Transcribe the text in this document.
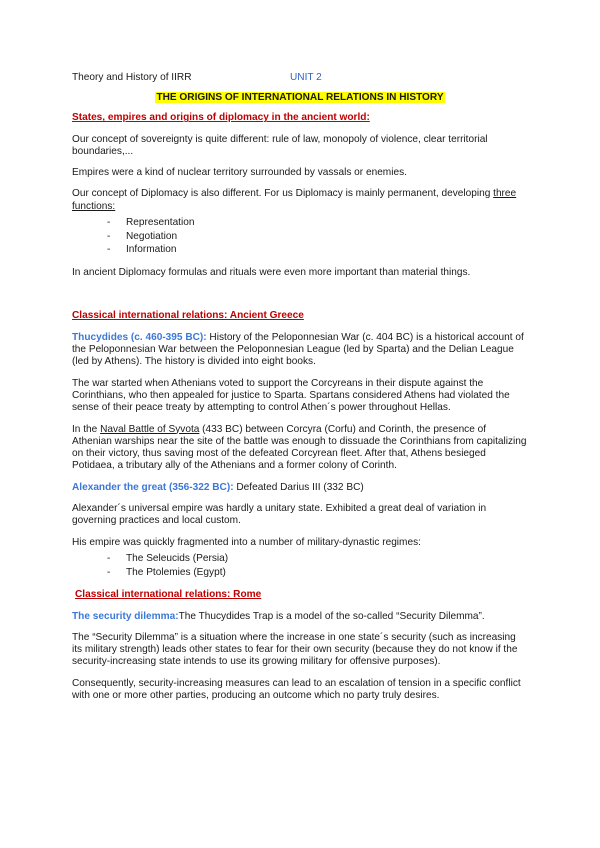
Theory and History of IIRR	UNIT 2
THE ORIGINS OF INTERNATIONAL RELATIONS IN HISTORY
States, empires and origins of diplomacy in the ancient world:

Our concept of sovereignty is quite different: rule of law, monopoly of violence, clear territorial boundaries,...

Empires were a kind of nuclear territory surrounded by vassals or enemies.

Our concept of Diplomacy is also different. For us Diplomacy is mainly permanent, developing three functions:

- Representation
- Negotiation
- Information

In ancient Diplomacy formulas and rituals were even more important than material things.

Classical international relations: Ancient Greece

Thucydides (c. 460-395 BC): History of the Peloponnesian War (c. 404 BC) is a historical account of the Peloponnesian War between the Peloponnesian League (led by Sparta) and the Delian League (led by Athens). The history is divided into eight books.

The war started when Athenians voted to support the Corcyreans in their dispute against the Corinthians, who then appealed for justice to Sparta. Spartans considered Athens had violated the sense of their peace treaty by attempting to control Athen´s power throughout Hellas.

In the Naval Battle of Syvota (433 BC) between Corcyra (Corfu) and Corinth, the presence of Athenian warships near the site of the battle was enough to dissuade the Corinthians from capitalizing on their victory, thus saving most of the defeated Corcyrean fleet. After that, Athens besieged Potidaea, a tributary ally of the Athenians and a former colony of Corinth.

Alexander the great (356-322 BC): Defeated Darius III (332 BC)

Alexander´s universal empire was hardly a unitary state. Exhibited a great deal of variation in governing practices and local custom.

His empire was quickly fragmented into a number of military-dynastic regimes:

- The Seleucids (Persia)
- The Ptolemies (Egypt)
Classical international relations: Rome

The security dilemma:The Thucydides Trap is a model of the so-called “Security Dilemma”.

The “Security Dilemma” is a situation where the increase in one state´s security (such as increasing its military strength) leads other states to fear for their own security (because they do not know if the security-increasing state intends to use its growing military for offensive purposes).

Consequently, security-increasing measures can lead to an escalation of tension in a specific conflict with one or more other parties, producing an outcome which no party truly desires.
